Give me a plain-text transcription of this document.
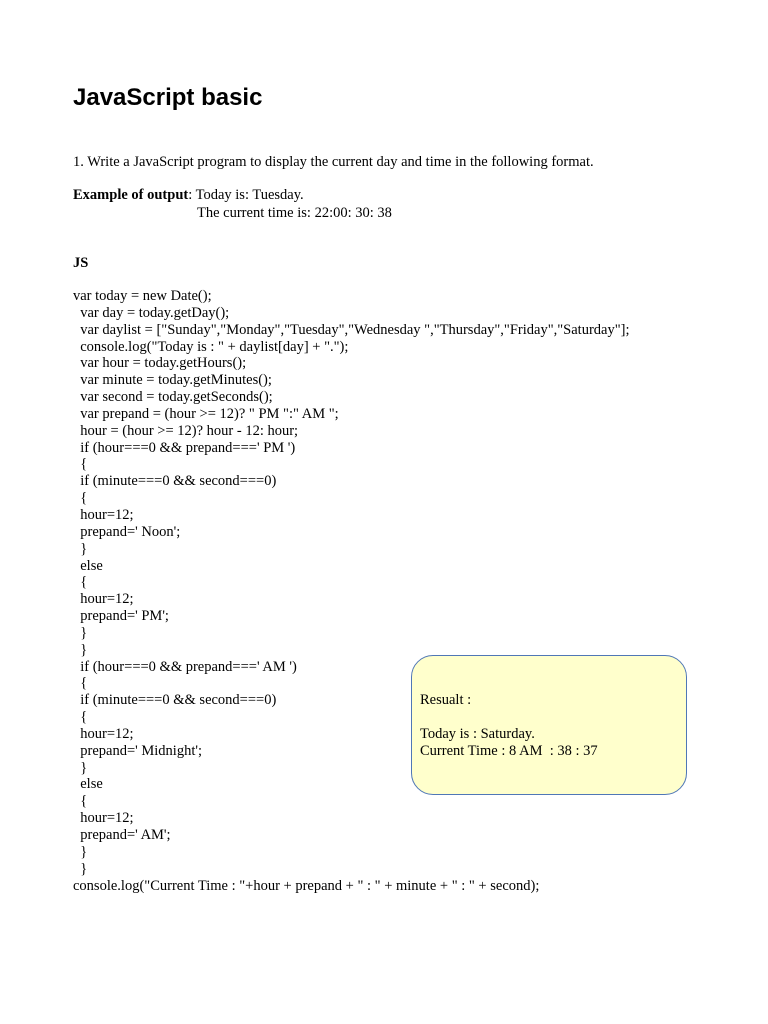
JavaScript basic
1. Write a JavaScript program to display the current day and time in the following format.
Example of output: Today is: Tuesday.
The current time is: 22:00: 30: 38
JS
var today = new Date();
var day = today.getDay();
var daylist = ["Sunday","Monday","Tuesday","Wednesday ","Thursday","Friday","Saturday"];
console.log("Today is : " + daylist[day] + ".");
var hour = today.getHours();
var minute = today.getMinutes();
var second = today.getSeconds();
var prepand = (hour >= 12)? " PM ":" AM ";
hour = (hour >= 12)? hour - 12: hour;
if (hour===0 && prepand===' PM ')
{
if (minute===0 && second===0)
{
hour=12;
prepand=' Noon';
}
else
{
hour=12;
prepand=' PM';
}
}
if (hour===0 && prepand===' AM ')
{
if (minute===0 && second===0)
{
hour=12;
prepand=' Midnight';
}
else
{
hour=12;
prepand=' AM';
}
}
console.log("Current Time : "+hour + prepand + " : " + minute + " : " + second);
Resualt :
Today is : Saturday.
Current Time : 8 AM  : 38 : 37
